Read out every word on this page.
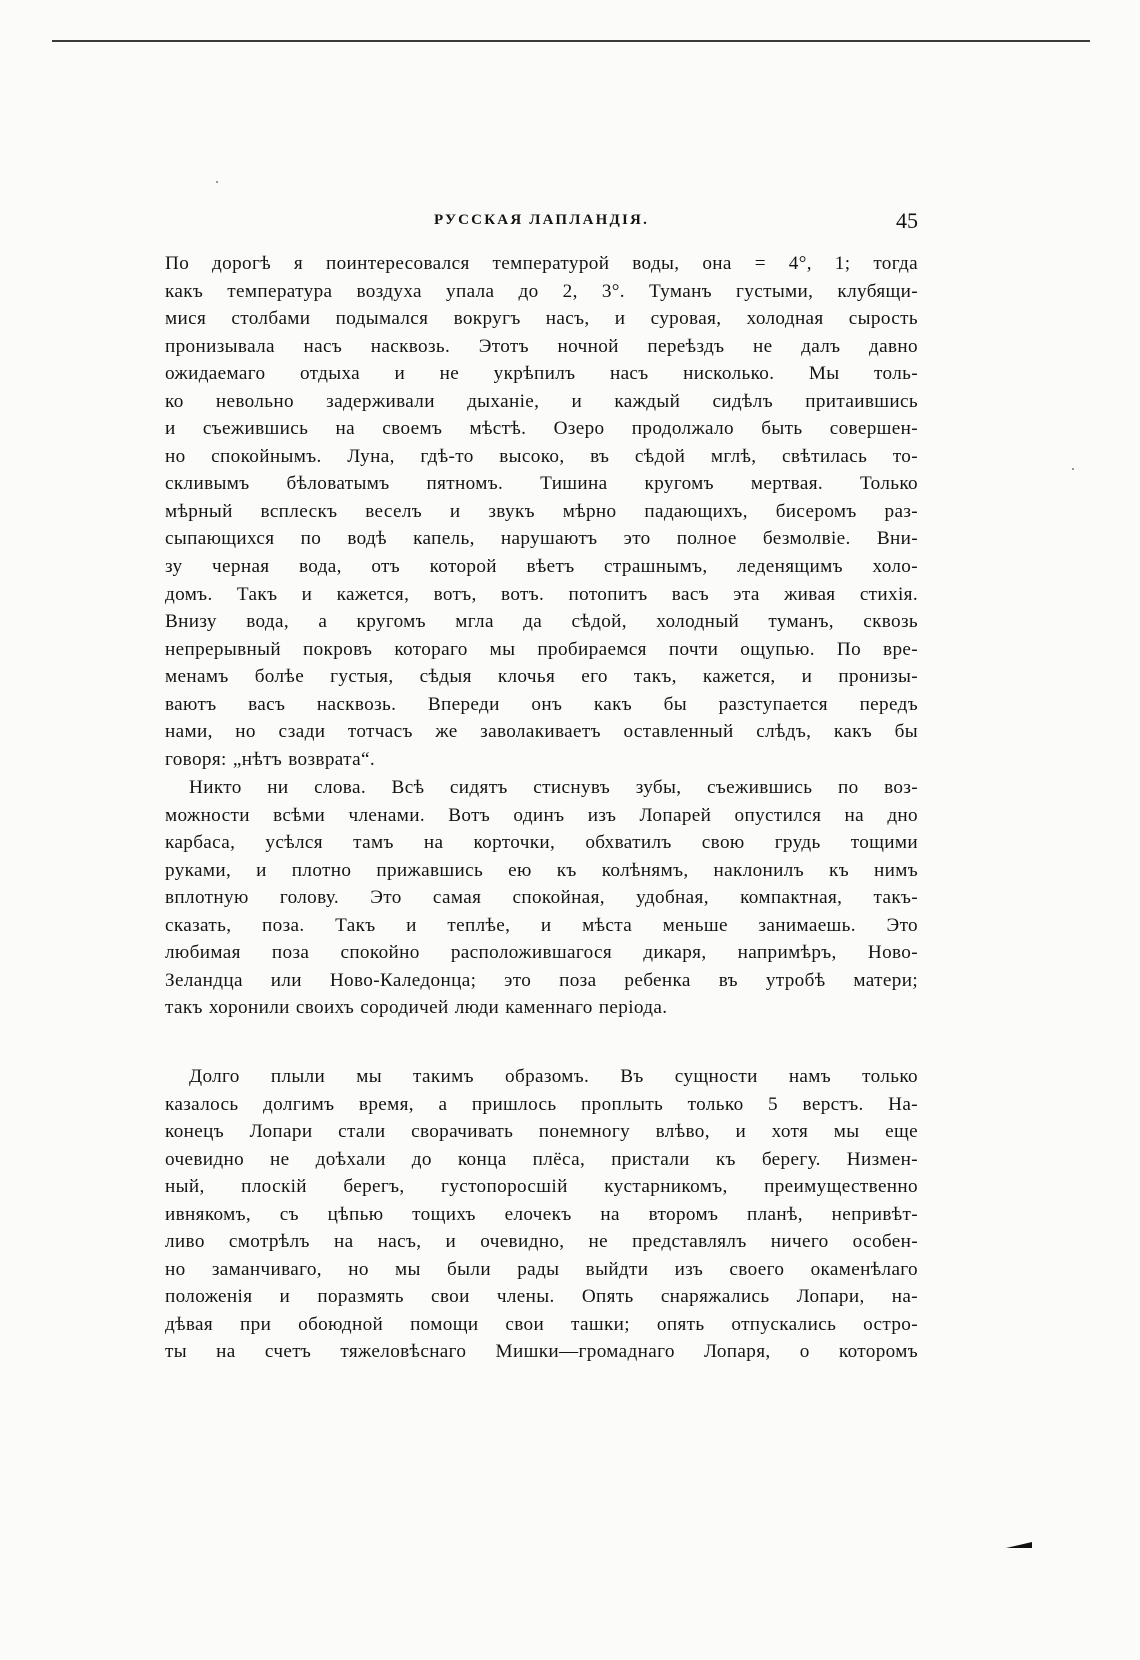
РУССКАЯ ЛАПЛАНДІЯ.	45
По дорогѣ я поинтересовался температурой воды, она = 4°, 1; тогда
какъ температура воздуха упала до 2, 3°. Туманъ густыми, клубящи-
мися столбами подымался вокругъ насъ, и суровая, холодная сырость
пронизывала насъ насквозь. Этотъ ночной переѣздъ не далъ давно
ожидаемаго отдыха и не укрѣпилъ насъ нисколько. Мы толь-
ко невольно задерживали дыханіе, и каждый сидѣлъ притаившись
и съежившись на своемъ мѣстѣ. Озеро продолжало быть совершен-
но спокойнымъ. Луна, гдѣ-то высоко, въ сѣдой мглѣ, свѣтилась то-
скливымъ бѣловатымъ пятномъ. Тишина кругомъ мертвая. Только
мѣрный всплескъ веселъ и звукъ мѣрно падающихъ, бисеромъ раз-
сыпающихся по водѣ капель, нарушаютъ это полное безмолвіе. Вни-
зу черная вода, отъ которой вѣетъ страшнымъ, леденящимъ холо-
домъ. Такъ и кажется, вотъ, вотъ. потопитъ васъ эта живая стихія.
Внизу вода, а кругомъ мгла да сѣдой, холодный туманъ, сквозь
непрерывный покровъ котораго мы пробираемся почти ощупью. По вре-
менамъ болѣе густыя, сѣдыя клочья его такъ, кажется, и пронизы-
ваютъ васъ насквозь. Впереди онъ какъ бы разступается передъ
нами, но сзади тотчасъ же заволакиваетъ оставленный слѣдъ, какъ бы
говоря: „нѣтъ возврата“.
Никто ни слова. Всѣ сидятъ стиснувъ зубы, съежившись по воз-
можности всѣми членами. Вотъ одинъ изъ Лопарей опустился на дно
карбаса, усѣлся тамъ на корточки, обхватилъ свою грудь тощими
руками, и плотно прижавшись ею къ колѣнямъ, наклонилъ къ нимъ
вплотную голову. Это самая спокойная, удобная, компактная, такъ-
сказать, поза. Такъ и теплѣе, и мѣста меньше занимаешь. Это
любимая поза спокойно расположившагося дикаря, напримѣръ, Ново-
Зеландца или Ново-Каледонца; это поза ребенка въ утробѣ матери;
такъ хоронили своихъ сородичей люди каменнаго періода.
Долго плыли мы такимъ образомъ. Въ сущности намъ только
казалось долгимъ время, а пришлось проплыть только 5 верстъ. На-
конецъ Лопари стали сворачивать понемногу влѣво, и хотя мы еще
очевидно не доѣхали до конца плёса, пристали къ берегу. Низмен-
ный, плоскій берегъ, густопоросшій кустарникомъ, преимущественно
ивнякомъ, съ цѣпью тощихъ елочекъ на второмъ планѣ, непривѣт-
ливо смотрѣлъ на насъ, и очевидно, не представлялъ ничего особен-
но заманчиваго, но мы были рады выйдти изъ своего окаменѣлаго
положенія и поразмять свои члены. Опять снаряжались Лопари, на-
дѣвая при обоюдной помощи свои ташки; опять отпускались остро-
ты на счетъ тяжеловѣснаго Мишки—громаднаго Лопаря, о которомъ
